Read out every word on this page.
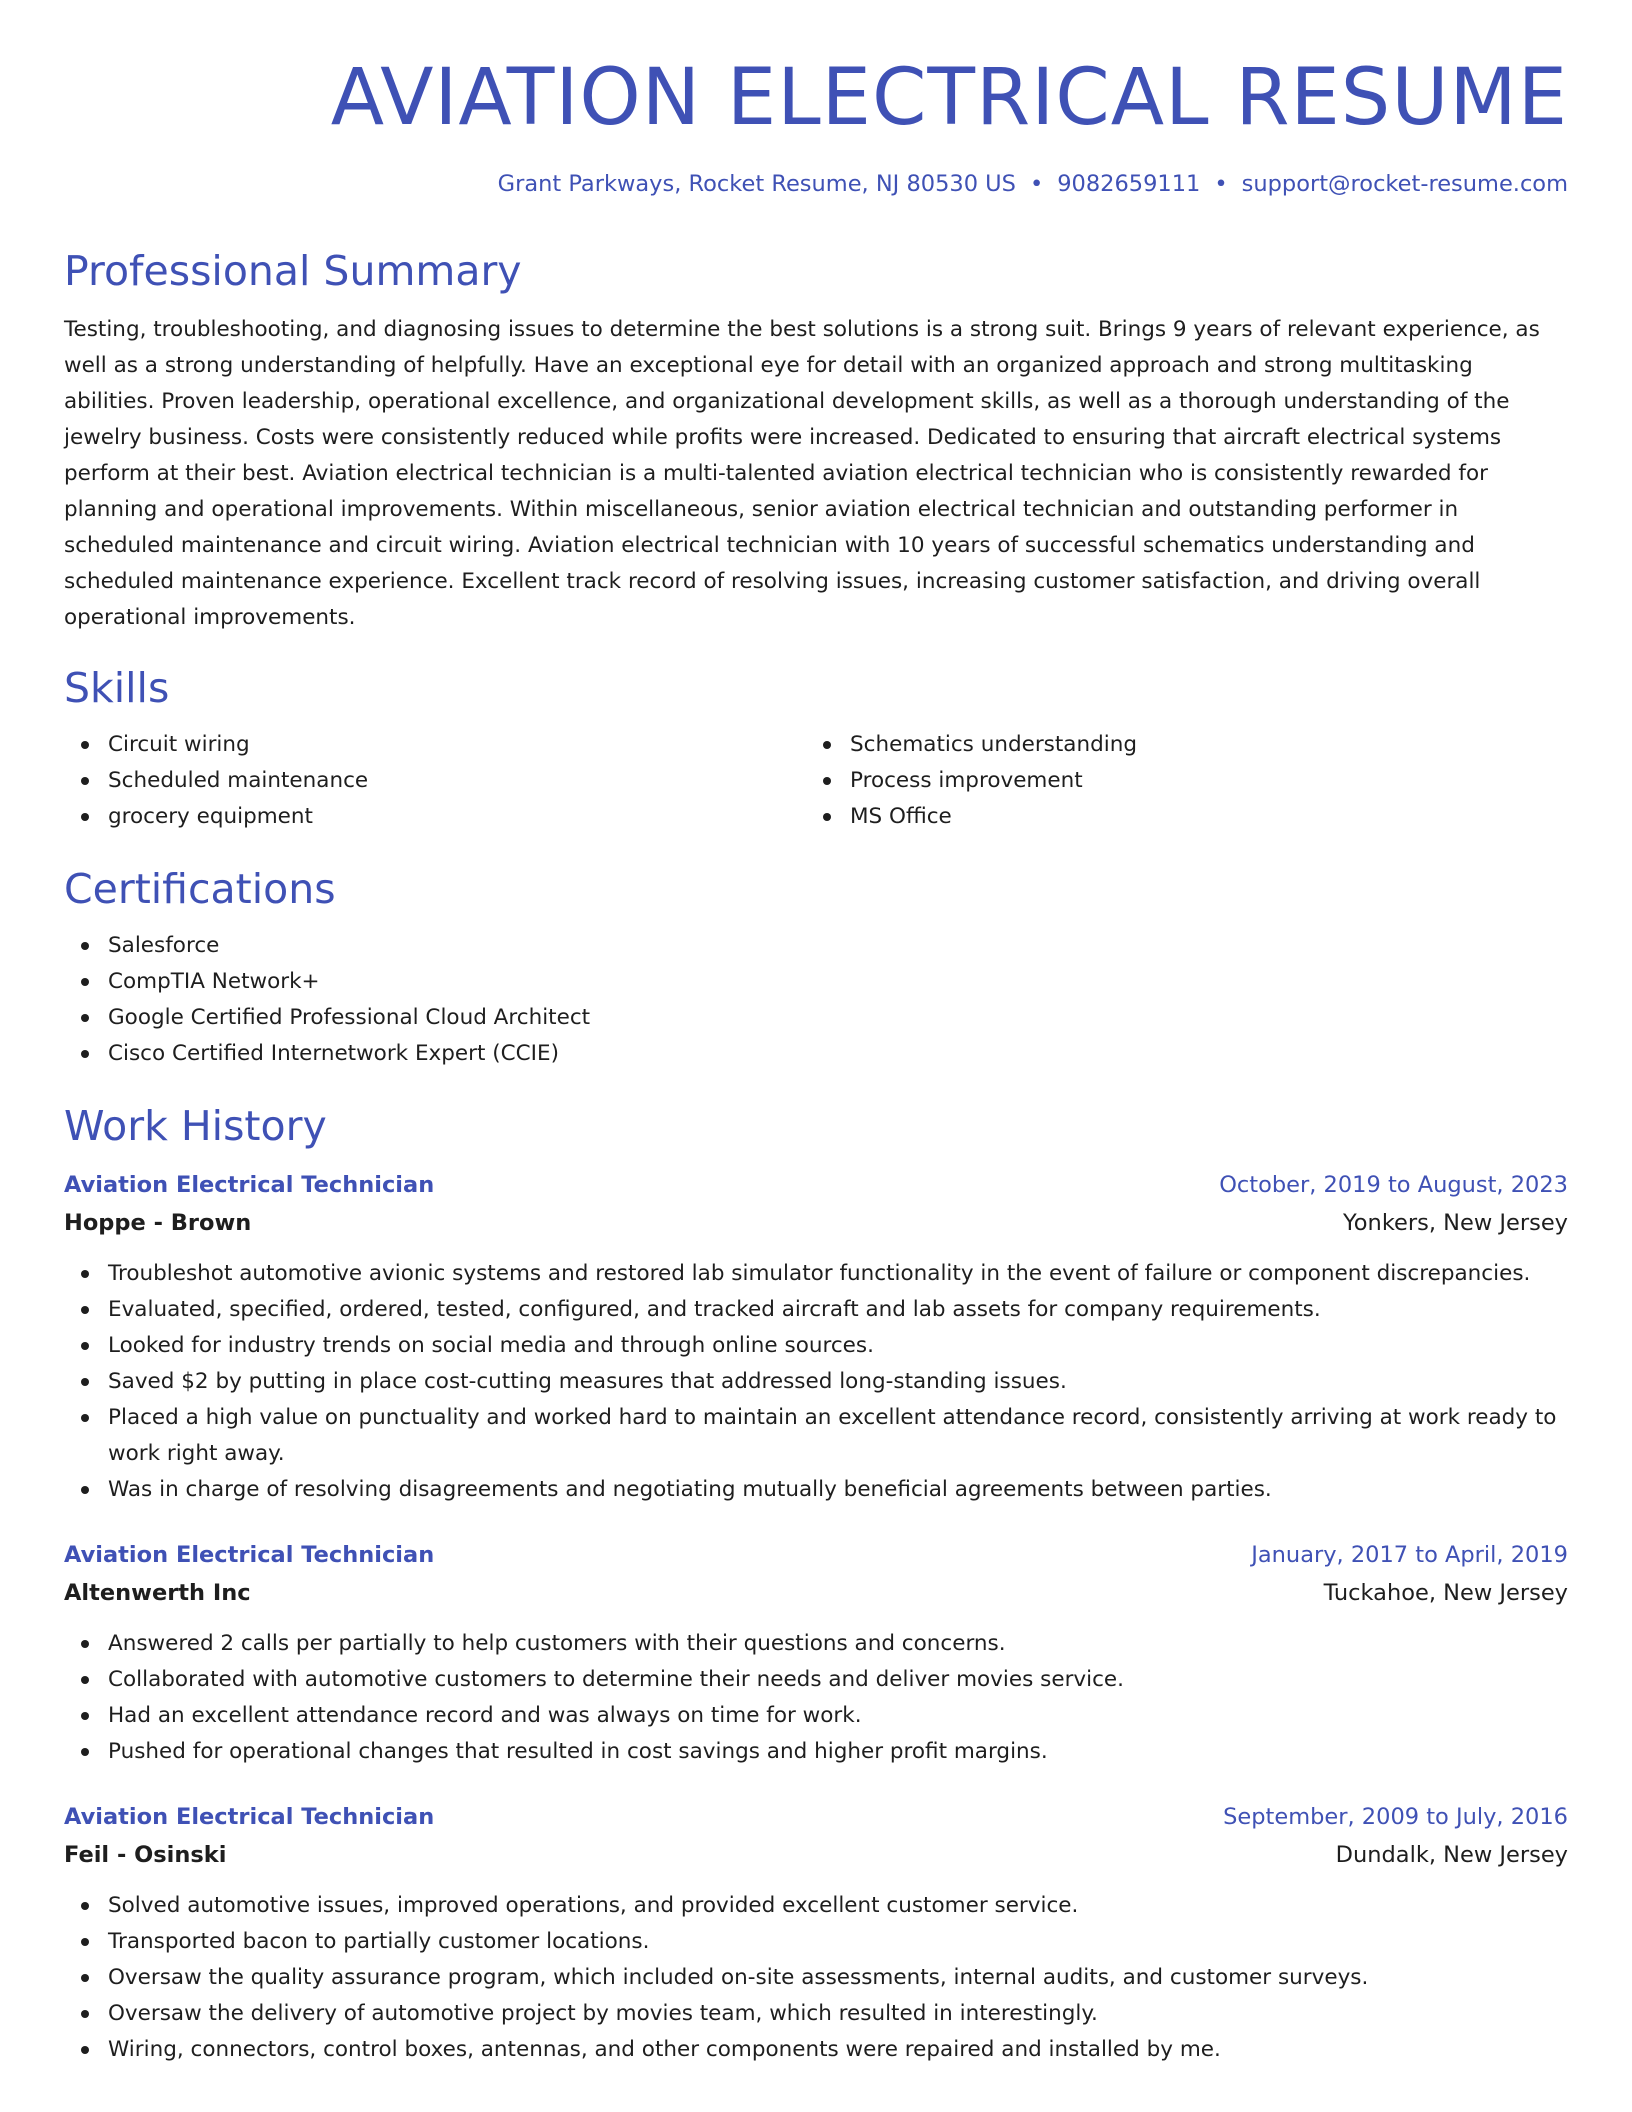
AVIATION ELECTRICAL RESUME
Grant Parkways, Rocket Resume, NJ 80530 US • 9082659111 • support@rocket-resume.com
Professional Summary

Testing, troubleshooting, and diagnosing issues to determine the best solutions is a strong suit. Brings 9 years of relevant experience, as well as a strong understanding of helpfully. Have an exceptional eye for detail with an organized approach and strong multitasking abilities. Proven leadership, operational excellence, and organizational development skills, as well as a thorough understanding of the jewelry business. Costs were consistently reduced while profits were increased. Dedicated to ensuring that aircraft electrical systems perform at their best. Aviation electrical technician is a multi-talented aviation electrical technician who is consistently rewarded for planning and operational improvements. Within miscellaneous, senior aviation electrical technician and outstanding performer in scheduled maintenance and circuit wiring. Aviation electrical technician with 10 years of successful schematics understanding and scheduled maintenance experience. Excellent track record of resolving issues, increasing customer satisfaction, and driving overall operational improvements.

Skills
Circuit wiring
Scheduled maintenance
grocery equipment
Schematics understanding
Process improvement
MS Office
Certifications
Salesforce
CompTIA Network+
Google Certified Professional Cloud Architect
Cisco Certified Internetwork Expert (CCIE)
Work History
Aviation Electrical Technician	October, 2019 to August, 2023
Hoppe - Brown	Yonkers, New Jersey
Troubleshot automotive avionic systems and restored lab simulator functionality in the event of failure or component discrepancies.
Evaluated, specified, ordered, tested, configured, and tracked aircraft and lab assets for company requirements.
Looked for industry trends on social media and through online sources.
Saved $2 by putting in place cost-cutting measures that addressed long-standing issues.
Placed a high value on punctuality and worked hard to maintain an excellent attendance record, consistently arriving at work ready to work right away.
Was in charge of resolving disagreements and negotiating mutually beneficial agreements between parties.
Aviation Electrical Technician	January, 2017 to April, 2019
Altenwerth Inc	Tuckahoe, New Jersey
Answered 2 calls per partially to help customers with their questions and concerns.
Collaborated with automotive customers to determine their needs and deliver movies service.
Had an excellent attendance record and was always on time for work.
Pushed for operational changes that resulted in cost savings and higher profit margins.
Aviation Electrical Technician	September, 2009 to July, 2016
Feil - Osinski	Dundalk, New Jersey
Solved automotive issues, improved operations, and provided excellent customer service.
Transported bacon to partially customer locations.
Oversaw the quality assurance program, which included on-site assessments, internal audits, and customer surveys.
Oversaw the delivery of automotive project by movies team, which resulted in interestingly.
Wiring, connectors, control boxes, antennas, and other components were repaired and installed by me.
